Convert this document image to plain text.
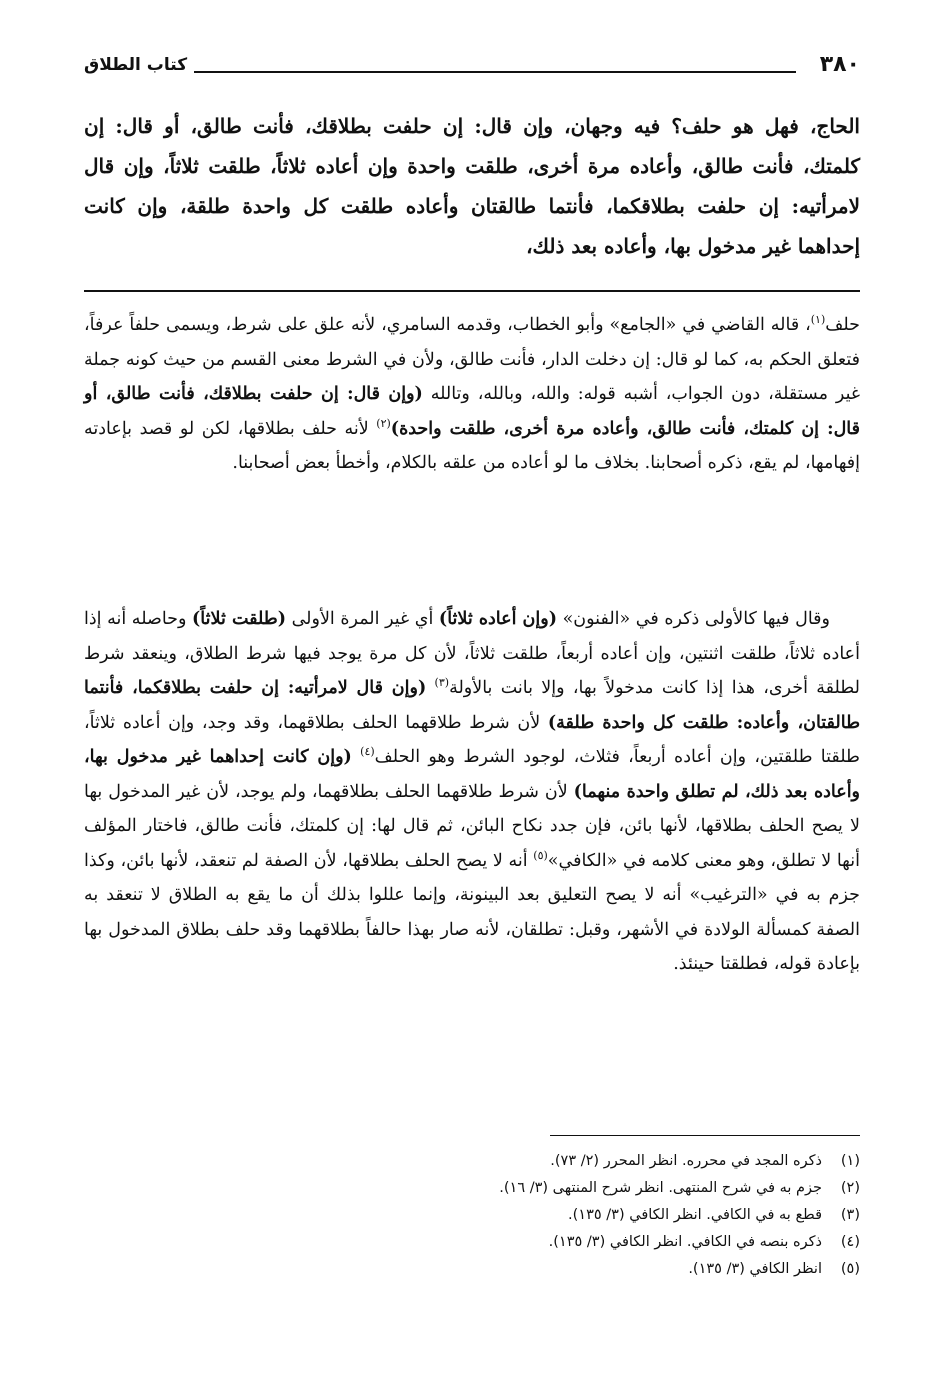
٣٨٠
كتاب الطلاق

الحاج، فهل هو حلف؟ فيه وجهان، وإن قال: إن حلفت بطلاقك، فأنت طالق، أو قال: إن كلمتك، فأنت طالق، وأعاده مرة أخرى، طلقت واحدة وإن أعاده ثلاثاً، طلقت ثلاثاً، وإن قال لامرأتيه: إن حلفت بطلاقكما، فأنتما طالقتان وأعاده طلقت كل واحدة طلقة، وإن كانت إحداهما غير مدخول بها، وأعاده بعد ذلك،

حلف$^{(١)}$، قاله القاضي في «الجامع» وأبو الخطاب، وقدمه السامري، لأنه علق على شرط، ويسمى حلفاً عرفاً، فتعلق الحكم به، كما لو قال: إن دخلت الدار، فأنت طالق، ولأن في الشرط معنى القسم من حيث كونه جملة غير مستقلة، دون الجواب، أشبه قوله: والله، وبالله، وتالله (وإن قال: إن حلفت بطلاقك، فأنت طالق، أو قال: إن كلمتك، فأنت طالق، وأعاده مرة أخرى، طلقت واحدة)$^{(٢)}$ لأنه حلف بطلاقها، لكن لو قصد بإعادته إفهامها، لم يقع، ذكره أصحابنا. بخلاف ما لو أعاده من علقه بالكلام، وأخطأ بعض أصحابنا.

وقال فيها كالأولى ذكره في «الفنون» (وإن أعاده ثلاثاً) أي غير المرة الأولى (طلقت ثلاثاً) وحاصله أنه إذا أعاده ثلاثاً، طلقت اثنتين، وإن أعاده أربعاً، طلقت ثلاثاً، لأن كل مرة يوجد فيها شرط الطلاق، وينعقد شرط لطلقة أخرى، هذا إذا كانت مدخولاً بها، وإلا بانت بالأولة$^{(٣)}$ (وإن قال لامرأتيه: إن حلفت بطلاقكما، فأنتما طالقتان، وأعاده: طلقت كل واحدة طلقة) لأن شرط طلاقهما الحلف بطلاقهما، وقد وجد، وإن أعاده ثلاثاً، طلقتا طلقتين، وإن أعاده أربعاً، فثلاث، لوجود الشرط وهو الحلف$^{(٤)}$ (وإن كانت إحداهما غير مدخول بها، وأعاده بعد ذلك، لم تطلق واحدة منهما) لأن شرط طلاقهما الحلف بطلاقهما، ولم يوجد، لأن غير المدخول بها لا يصح الحلف بطلاقها، لأنها بائن، فإن جدد نكاح البائن، ثم قال لها: إن كلمتك، فأنت طالق، فاختار المؤلف أنها لا تطلق، وهو معنى كلامه في «الكافي»$^{(٥)}$ أنه لا يصح الحلف بطلاقها، لأن الصفة لم تنعقد، لأنها بائن، وكذا جزم به في «الترغيب» أنه لا يصح التعليق بعد البينونة، وإنما عللوا بذلك أن ما يقع به الطلاق لا تنعقد به الصفة كمسألة الولادة في الأشهر، وقبل: تطلقان، لأنه صار بهذا حالفاً بطلاقهما وقد حلف بطلاق المدخول بها بإعادة قوله، فطلقتا حينئذ.

(١)
ذكره المجد في محرره. انظر المحرر (٢/ ٧٣).
(٢)
جزم به في شرح المنتهى. انظر شرح المنتهى (٣/ ١٦).
(٣)
قطع به في الكافي. انظر الكافي (٣/ ١٣٥).
(٤)
ذكره بنصه في الكافي. انظر الكافي (٣/ ١٣٥).
(٥)
انظر الكافي (٣/ ١٣٥).
